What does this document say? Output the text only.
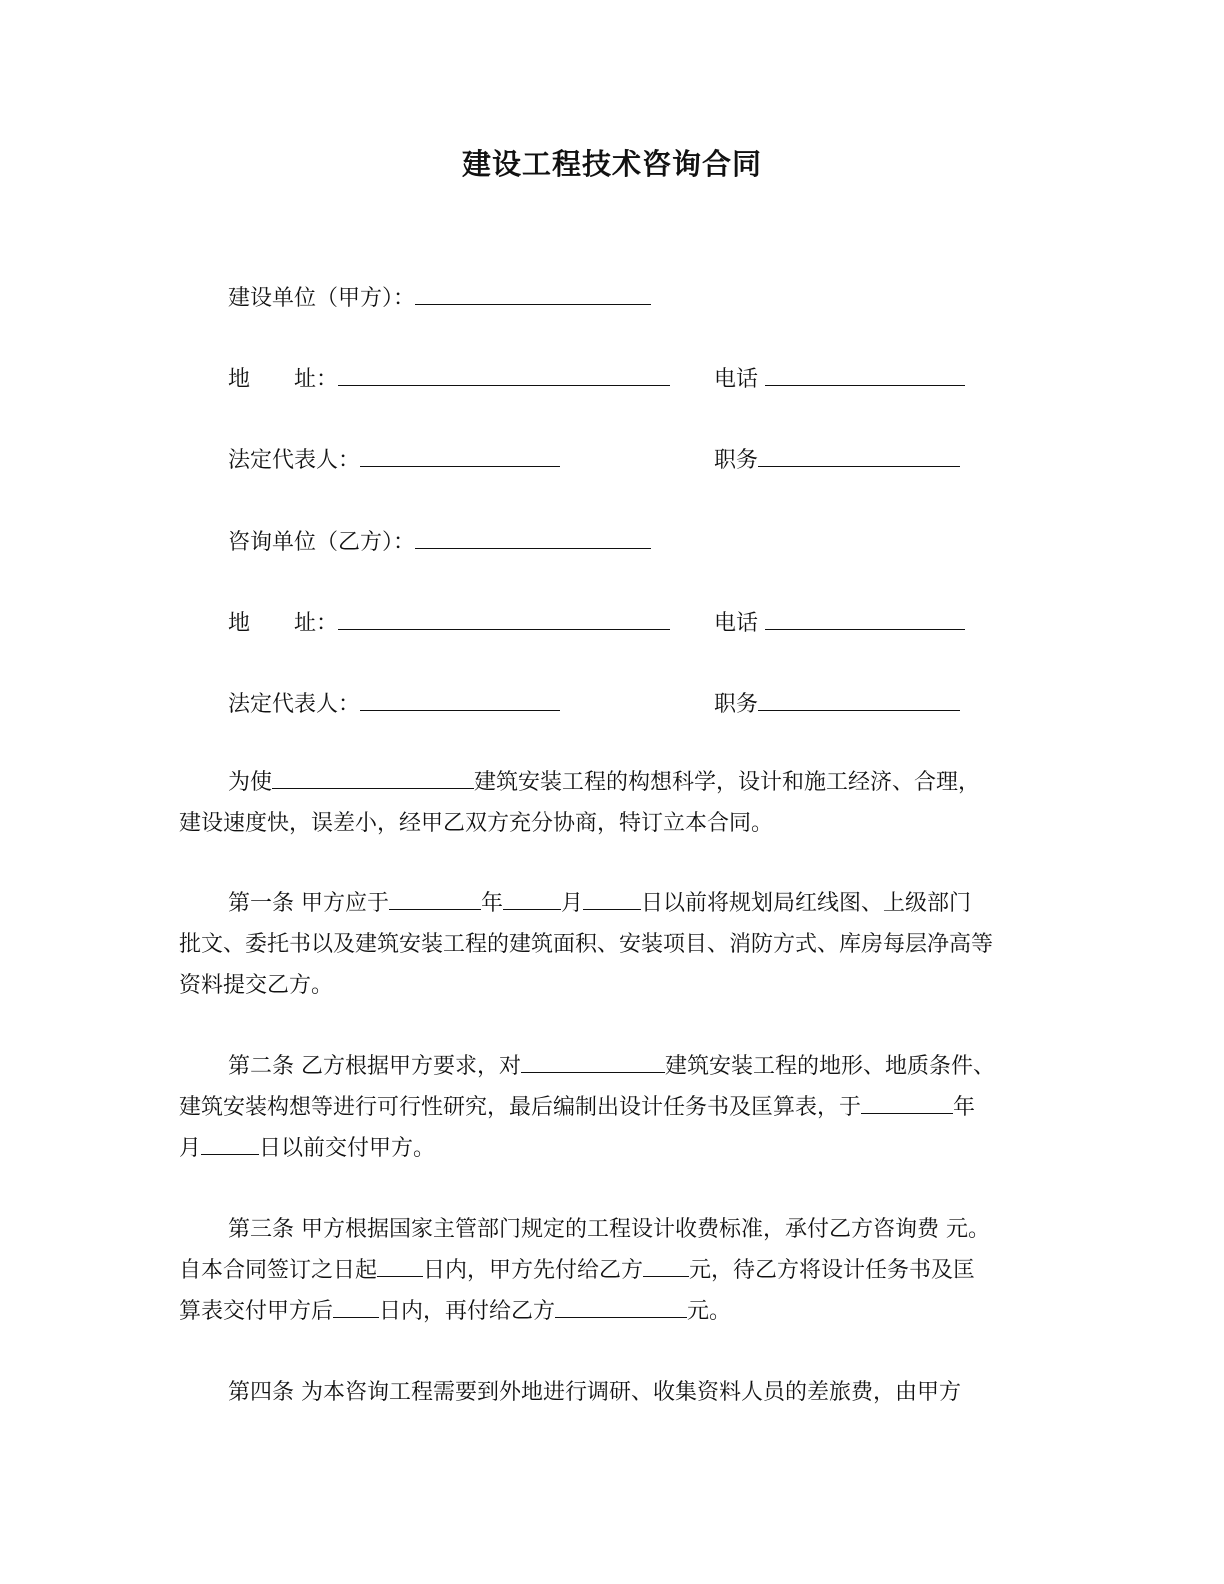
建设工程技术咨询合同
建设单位（甲方）：
地　　址：	电话
法定代表人：	职务
咨询单位（乙方）：
地　　址：	电话
法定代表人：	职务
为使	建筑安装工程的构想科学，设计和施工经济、合理，
建设速度快，误差小，经甲乙双方充分协商，特订立本合同。
第一条 甲方应于	年	月	日以前将规划局红线图、上级部门
批文、委托书以及建筑安装工程的建筑面积、安装项目、消防方式、库房每层净高等
资料提交乙方。
第二条 乙方根据甲方要求，对	建筑安装工程的地形、地质条件、
建筑安装构想等进行可行性研究，最后编制出设计任务书及匡算表，于	年
月	日以前交付甲方。
第三条 甲方根据国家主管部门规定的工程设计收费标准，承付乙方咨询费 元。
自本合同签订之日起 日内，甲方先付给乙方 元，待乙方将设计任务书及匡
算表交付甲方后 日内，再付给乙方	元。
第四条 为本咨询工程需要到外地进行调研、收集资料人员的差旅费，由甲方
